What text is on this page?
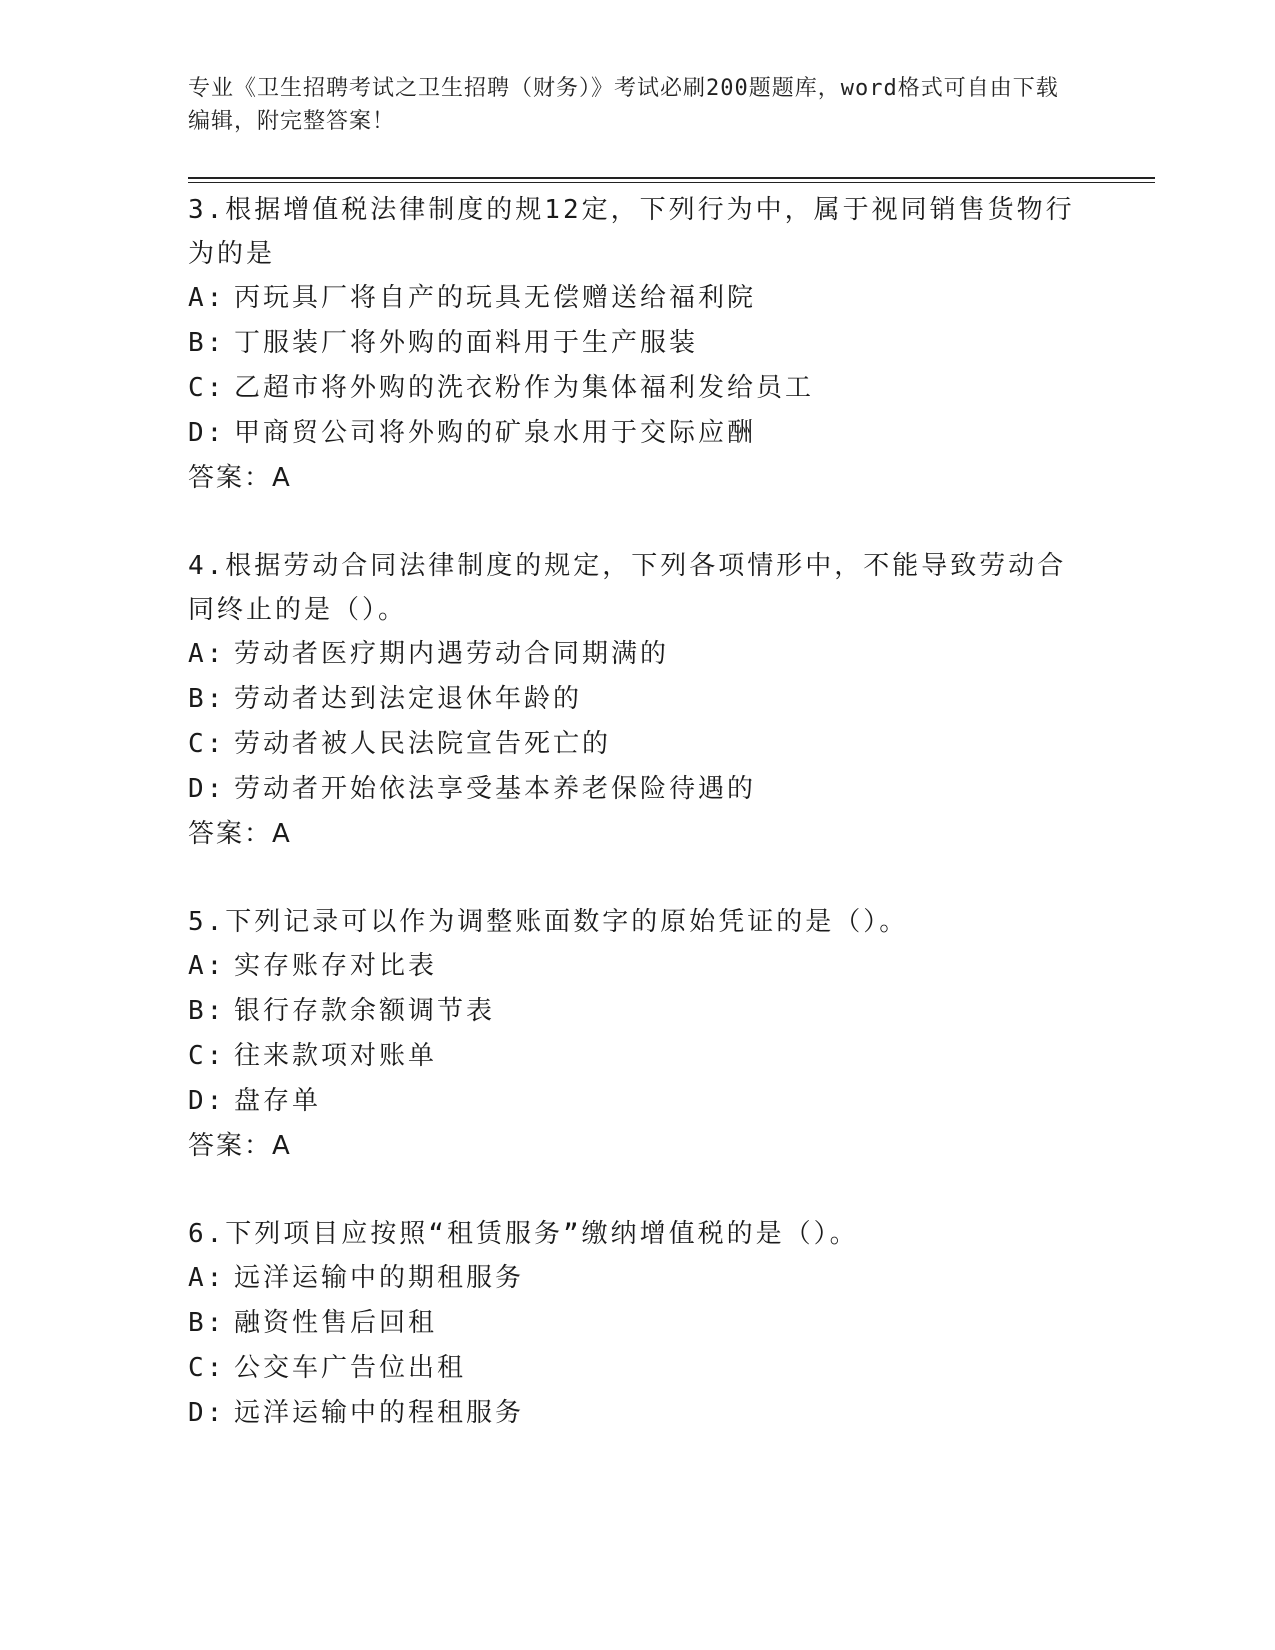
专业《卫生招聘考试之卫生招聘（财务）》考试必刷200题题库，word格式可自由下载编辑，附完整答案！

3.根据增值税法律制度的规12定，下列行为中，属于视同销售货物行为的是

A: 丙玩具厂将自产的玩具无偿赠送给福利院

B: 丁服装厂将外购的面料用于生产服装

C: 乙超市将外购的洗衣粉作为集体福利发给员工

D: 甲商贸公司将外购的矿泉水用于交际应酬

答案：A

4.根据劳动合同法律制度的规定，下列各项情形中，不能导致劳动合同终止的是（）。

A: 劳动者医疗期内遇劳动合同期满的

B: 劳动者达到法定退休年龄的

C: 劳动者被人民法院宣告死亡的

D: 劳动者开始依法享受基本养老保险待遇的

答案：A

5.下列记录可以作为调整账面数字的原始凭证的是（）。

A: 实存账存对比表

B: 银行存款余额调节表

C: 往来款项对账单

D: 盘存单

答案：A

6.下列项目应按照“租赁服务”缴纳增值税的是（）。

A: 远洋运输中的期租服务

B: 融资性售后回租

C: 公交车广告位出租

D: 远洋运输中的程租服务
